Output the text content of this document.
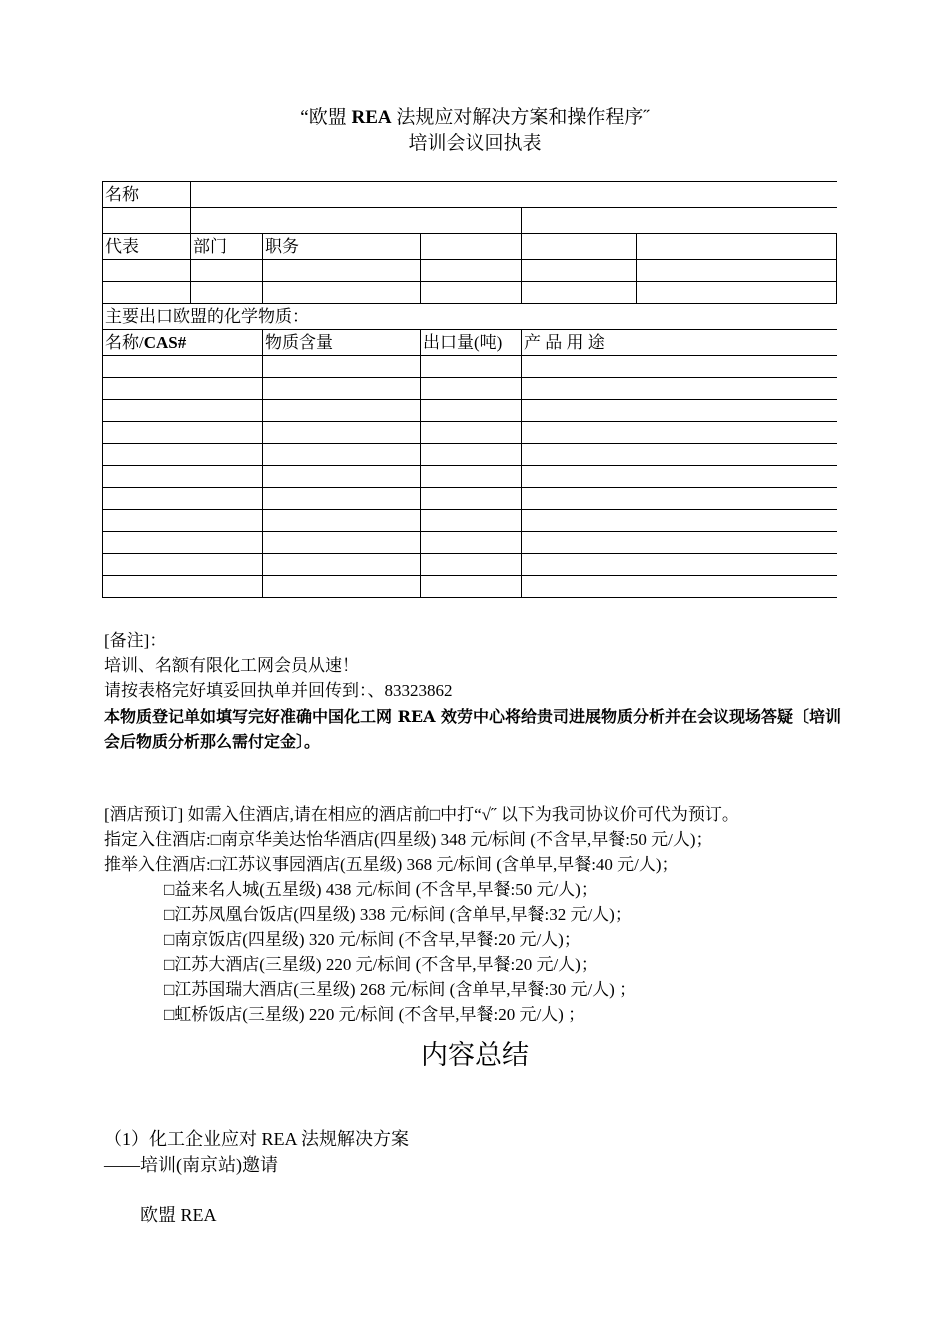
“欧盟 REA 法规应对解决方案和操作程序˝
培训会议回执表
名称					

代表	部门	职务			

主要出口欧盟的化学物质：					
名称/CAS#		物质含量	出口量(吨)	产 品 用 途	

[备注]：
培训、名额有限化工网会员从速！
请按表格完好填妥回执单并回传到：、83323862
本物质登记单如填写完好准确中国化工网 REA 效劳中心将给贵司进展物质分析并在会议现场答疑〔培训会后物质分析那么需付定金〕。
[酒店预订] 如需入住酒店,请在相应的酒店前□中打“√˝ 以下为我司协议价可代为预订。
指定入住酒店:□南京华美达怡华酒店(四星级) 348 元/标间 (不含早,早餐:50 元/人)；
推举入住酒店:□江苏议事园酒店(五星级) 368 元/标间 (含单早,早餐:40 元/人)；
□益来名人城(五星级) 438 元/标间 (不含早,早餐:50 元/人)；
□江苏凤凰台饭店(四星级) 338 元/标间 (含单早,早餐:32 元/人)；
□南京饭店(四星级) 320 元/标间 (不含早,早餐:20 元/人)；
□江苏大酒店(三星级) 220 元/标间 (不含早,早餐:20 元/人)；
□江苏国瑞大酒店(三星级) 268 元/标间 (含单早,早餐:30 元/人) ；
□虹桥饭店(三星级) 220 元/标间 (不含早,早餐:20 元/人) ；
内容总结
（1）化工企业应对 REA 法规解决方案
——培训(南京站)邀请
欧盟 REA
